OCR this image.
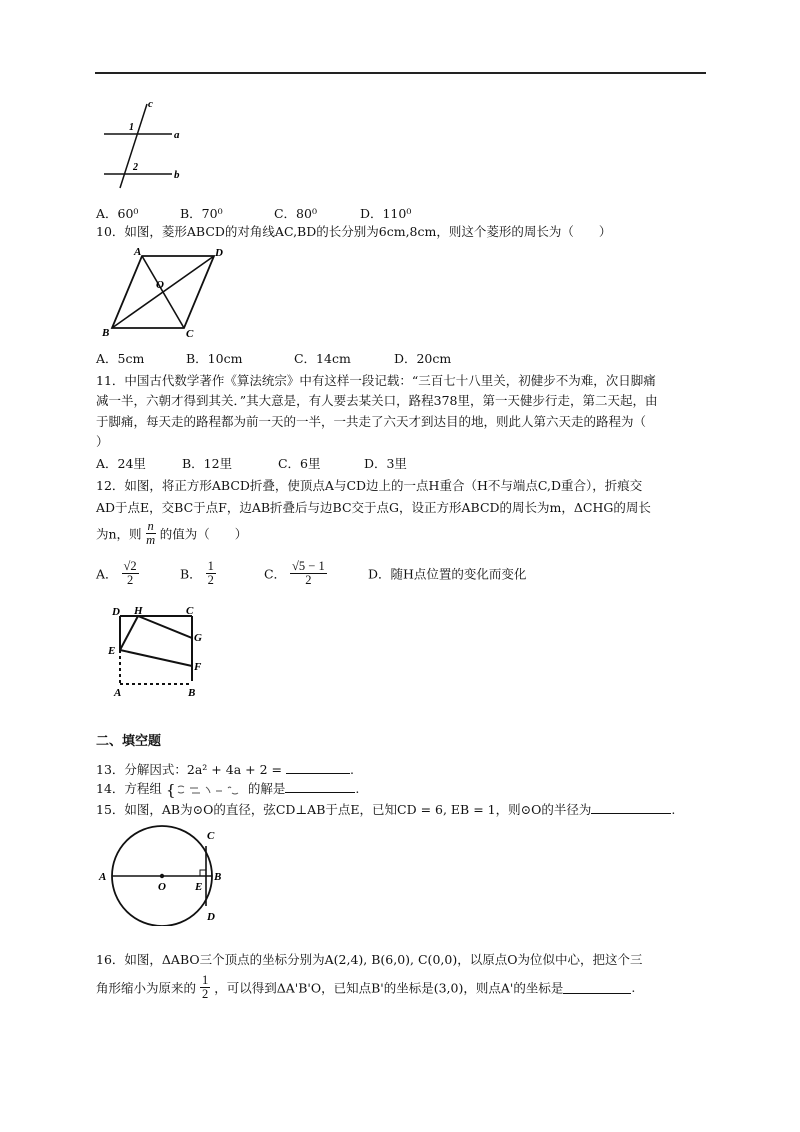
c
a
b
1
2
A．60⁰	B．70⁰	C．80⁰	D．110⁰
10．如图，菱形ABCD的对角线AC,BD的长分别为6cm,8cm，则这个菱形的周长为（　　）
A	D
B	C
O
A．5cm	B．10cm	C．14cm	D．20cm
11．中国古代数学著作《算法统宗》中有这样一段记载：“三百七十八里关，初健步不为难，次日脚痛
减一半，六朝才得到其关．”其大意是，有人要去某关口，路程378里，第一天健步行走，第二天起，由
于脚痛，每天走的路程都为前一天的一半，一共走了六天才到达目的地，则此人第六天走的路程为（
）
A．24里	B．12里	C．6里	D．3里
12．如图，将正方形ABCD折叠，使顶点A与CD边上的一点H重合（H不与端点C,D重合），折痕交
AD于点E，交BC于点F，边AB折叠后与边BC交于点G，设正方形ABCD的周长为m，ΔCHG的周长
为n，则 $\frac{n}{m}$ 的值为（　　）
A． $\frac{√2}{2}$	B． $\frac{1}{2}$	C． $\frac{√5 - 1}{2}$	D．随H点位置的变化而变化
D H	C
E
G
F
A	B
二、填空题
13．分解因式：2a² + 4a + 2 =	.
14．方程组 {	的解是	.
15．如图，AB为⊙O的直径，弦CD⊥AB于点E，已知CD = 6, EB = 1，则⊙O的半径为	.
A
O	E
B
C
D
16．如图，ΔABO三个顶点的坐标分别为A(2,4), B(6,0), C(0,0)，以原点O为位似中心，把这个三
角形缩小为原来的 $\frac{1}{2}$ ，可以得到ΔA'B'O，已知点B'的坐标是(3,0)，则点A'的坐标是	.
